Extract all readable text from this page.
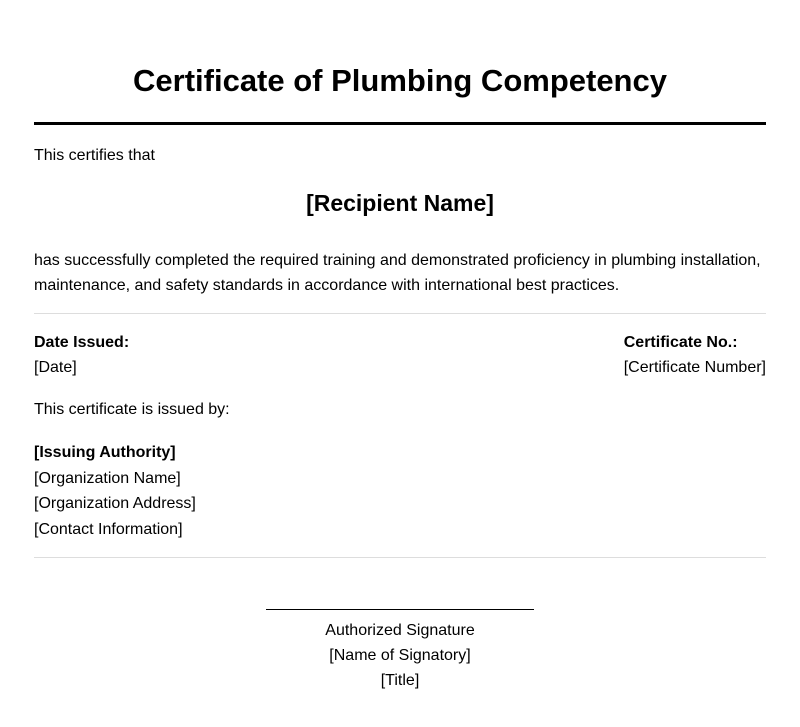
Certificate of Plumbing Competency
This certifies that
[Recipient Name]
has successfully completed the required training and demonstrated proficiency in plumbing installation, maintenance, and safety standards in accordance with international best practices.
Date Issued:
[Date]
Certificate No.:
[Certificate Number]
This certificate is issued by:
[Issuing Authority]
[Organization Name]
[Organization Address]
[Contact Information]
Authorized Signature
[Name of Signatory]
[Title]
